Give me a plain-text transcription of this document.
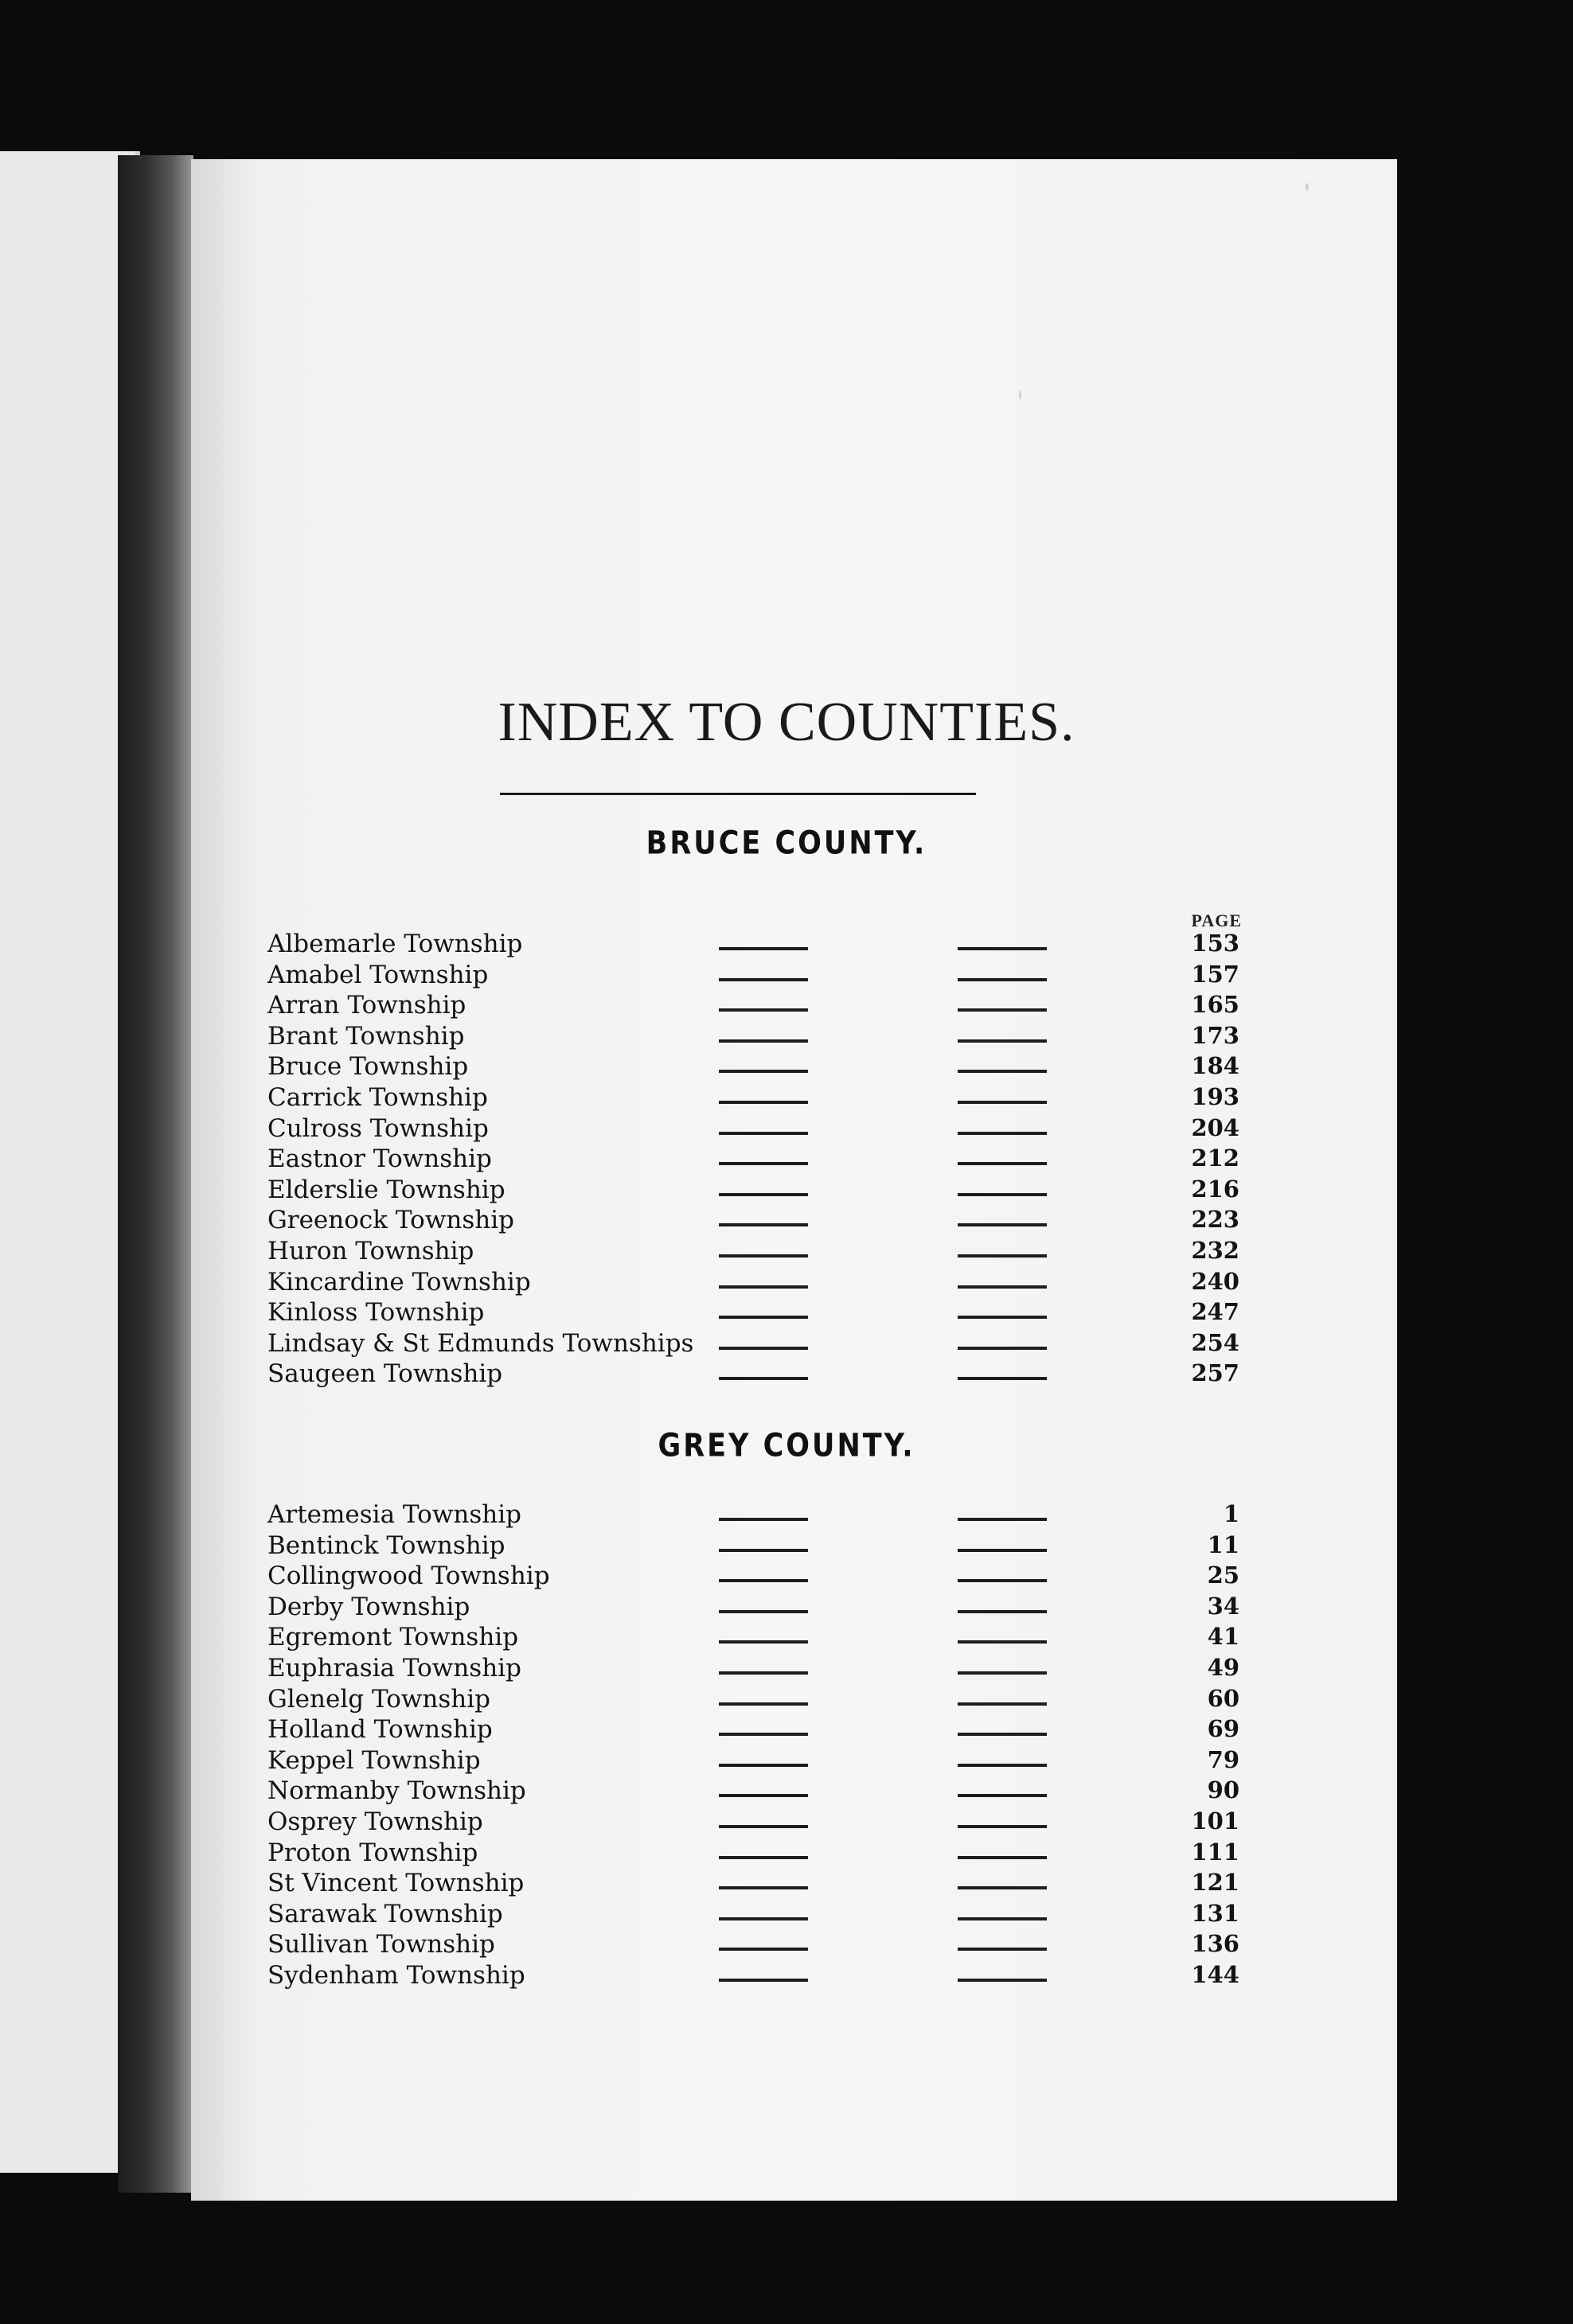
INDEX TO COUNTIES.
BRUCE COUNTY.
PAGE
Albemarle Township	153
Amabel Township	157
Arran Township	165
Brant Township	173
Bruce Township	184
Carrick Township	193
Culross Township	204
Eastnor Township	212
Elderslie Township	216
Greenock Township	223
Huron Township	232
Kincardine Township	240
Kinloss Township	247
Lindsay & St Edmunds Townships	254
Saugeen Township	257
GREY COUNTY.
Artemesia Township	1
Bentinck Township	11
Collingwood Township	25
Derby Township	34
Egremont Township	41
Euphrasia Township	49
Glenelg Township	60
Holland Township	69
Keppel Township	79
Normanby Township	90
Osprey Township	101
Proton Township	111
St Vincent Township	121
Sarawak Township	131
Sullivan Township	136
Sydenham Township	144
